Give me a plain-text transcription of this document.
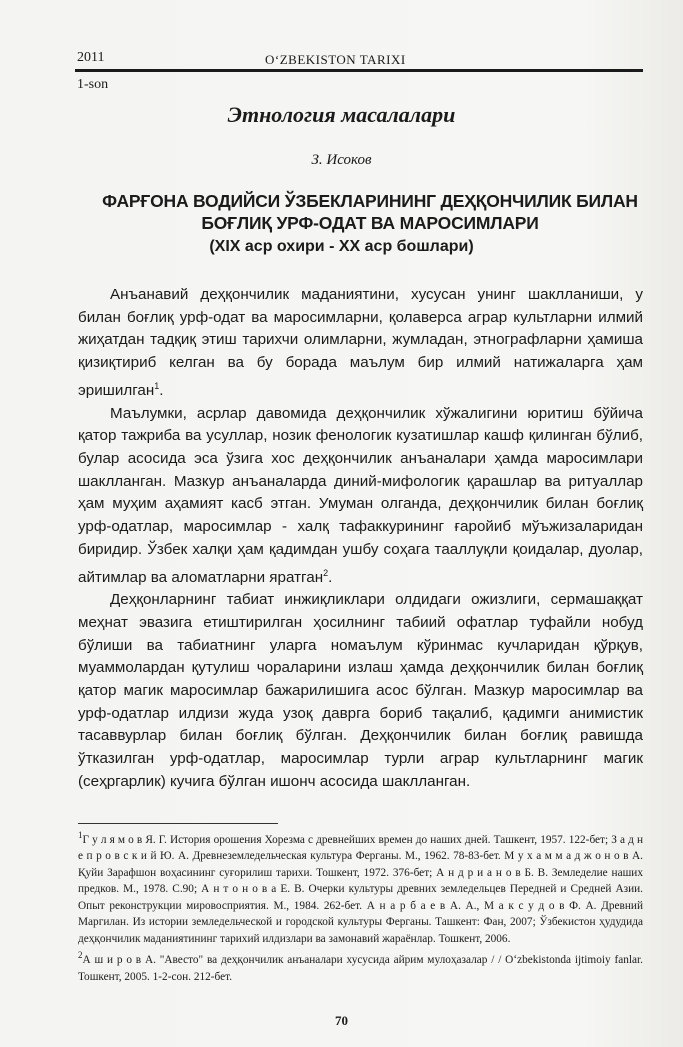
2011	O‘ZBEKISTON TARIXI
1-son
Этнология масалалари
З. Исоков
ФАРҒОНА ВОДИЙСИ ЎЗБЕКЛАРИНИНГ ДЕҲҚОНЧИЛИК БИЛАН БОҒЛИҚ УРФ-ОДАТ ВА МАРОСИМЛАРИ
(XIX аср охири - XX аср бошлари)

Анъанавий деҳқончилик маданиятини, хусусан унинг шаклланиши, у билан боғлиқ урф-одат ва маросимларни, қолаверса аграр культларни илмий жиҳатдан тадқиқ этиш тарихчи олимларни, жумладан, этнографларни ҳамиша қизиқтириб келган ва бу борада маълум бир илмий натижаларга ҳам эришилган$^1$.

Маълумки, асрлар давомида деҳқончилик хўжалигини юритиш бўйича қатор тажриба ва усуллар, нозик фенологик кузатишлар кашф қилинган бўлиб, булар асосида эса ўзига хос деҳқончилик анъаналари ҳамда маросимлари шаклланган. Мазкур анъаналарда диний-мифологик қарашлар ва ритуаллар ҳам муҳим аҳамият касб этган. Умуман олганда, деҳқончилик билан боғлиқ урф-одатлар, маросимлар - халқ тафаккурининг ғаройиб мўъжизаларидан биридир. Ўзбек халқи ҳам қадимдан ушбу соҳага тааллуқли қоидалар, дуолар, айтимлар ва аломатларни яратган$^2$.

Деҳқонларнинг табиат инжиқликлари олдидаги ожизлиги, сермашаққат меҳнат эвазига етиштирилган ҳосилнинг табиий офатлар туфайли нобуд бўлиши ва табиатнинг уларга номаълум кўринмас кучларидан қўрқув, муаммолардан қутулиш чораларини излаш ҳамда деҳқончилик билан боғлиқ қатор магик маросимлар бажарилишига асос бўлган. Мазкур маросимлар ва урф-одатлар илдизи жуда узоқ даврга бориб тақалиб, қадимги анимистик тасаввурлар билан боғлиқ бўлган. Деҳқончилик билан боғлиқ равишда ўтказилган урф-одатлар, маросимлар турли аграр культларнинг магик (сеҳргарлик) кучига бўлган ишонч асосида шаклланган.

$^1$Г у л я м о в Я. Г. История орошения Хорезма с древнейших времен до наших дней. Ташкент, 1957. 122-бет; З а д н е п р о в с к и й Ю. А. Древнеземледельческая культура Ферганы. М., 1962. 78-83-бет. М у х а м м а д ж о н о в А. Қуйи Зарафшон воҳасининг суғорилиш тарихи. Тошкент, 1972. 376-бет; А н д р и а н о в Б. В. Земледелие наших предков. М., 1978. С.90; А н т о н о в а Е. В. Очерки культуры древних земледельцев Передней и Средней Азии. Опыт реконструкции мировосприятия. М., 1984. 262-бет. А н а р б а е в А. А., М а к с у д о в Ф. А. Древний Маргилан. Из истории земледельческой и городской культуры Ферганы. Ташкент: Фан, 2007; Ўзбекистон ҳудудида деҳқончилик маданиятининг тарихий илдизлари ва замонавий жараёнлар. Тошкент, 2006.

$^2$А ш и р о в А. "Авесто" ва деҳқончилик анъаналари хусусида айрим мулоҳазалар / / O‘zbekistonda ijtimoiy fanlar. Тошкент, 2005. 1-2-сон. 212-бет.

70
